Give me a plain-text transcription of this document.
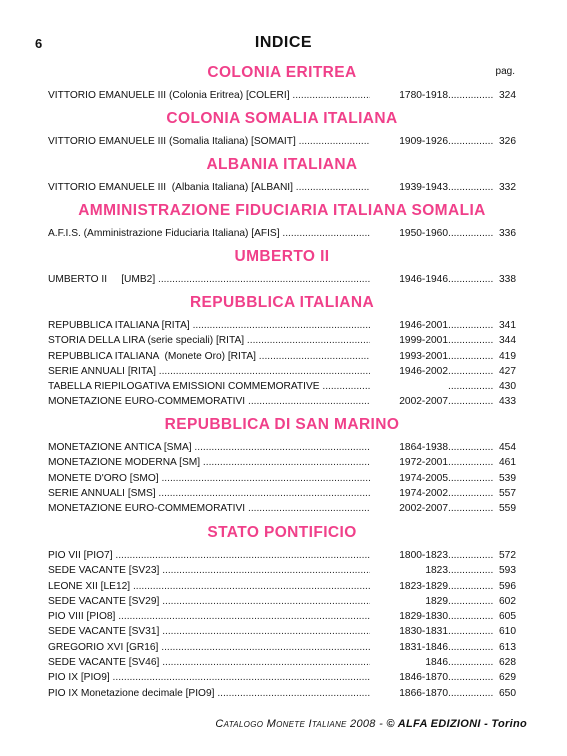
6	INDICE
pag.
COLONIA ERITREA
VITTORIO EMANUELE III (Colonia Eritrea) [COLERI] .....	1780-1918 .....	324
COLONIA SOMALIA ITALIANA
VITTORIO EMANUELE III (Somalia Italiana) [SOMAIT] .....	1909-1926 .....	326
ALBANIA ITALIANA
VITTORIO EMANUELE III  (Albania Italiana) [ALBANI] .....	1939-1943 .....	332
AMMINISTRAZIONE FIDUCIARIA ITALIANA SOMALIA
A.F.I.S. (Amministrazione Fiduciaria Italiana) [AFIS] .....	1950-1960 .....	336
UMBERTO II
UMBERTO II     [UMB2] .....	1946-1946 .....	338
REPUBBLICA ITALIANA
REPUBBLICA ITALIANA [RITA] .....	1946-2001 .....	341
STORIA DELLA LIRA (serie speciali) [RITA] .....	1999-2001 .....	344
REPUBBLICA ITALIANA  (Monete Oro) [RITA] .....	1993-2001 .....	419
SERIE ANNUALI [RITA] .....	1946-2002 .....	427
TABELLA RIEPILOGATIVA EMISSIONI COMMEMORATIVE ..... .....	430
MONETAZIONE EURO-COMMEMORATIVI .....	2002-2007 .....	433
REPUBBLICA DI SAN MARINO
MONETAZIONE ANTICA [SMA] .....	1864-1938 .....	454
MONETAZIONE MODERNA [SM] .....	1972-2001 .....	461
MONETE D'ORO [SMO] .....	1974-2005 .....	539
SERIE ANNUALI [SMS] .....	1974-2002 .....	557
MONETAZIONE EURO-COMMEMORATIVI .....	2002-2007 .....	559
STATO PONTIFICIO
PIO VII [PIO7] .....	1800-1823 .....	572
SEDE VACANTE [SV23] .....	1823 .....	593
LEONE XII [LE12] .....	1823-1829 .....	596
SEDE VACANTE [SV29] .....	1829 .....	602
PIO VIII [PIO8] .....	1829-1830 .....	605
SEDE VACANTE [SV31] .....	1830-1831 .....	610
GREGORIO XVI [GR16] .....	1831-1846 .....	613
SEDE VACANTE [SV46] .....	1846 .....	628
PIO IX [PIO9] .....	1846-1870 .....	629
PIO IX Monetazione decimale [PIO9] .....	1866-1870 .....	650
Catalogo Monete Italiane 2008 - © ALFA EDIZIONI - Torino
